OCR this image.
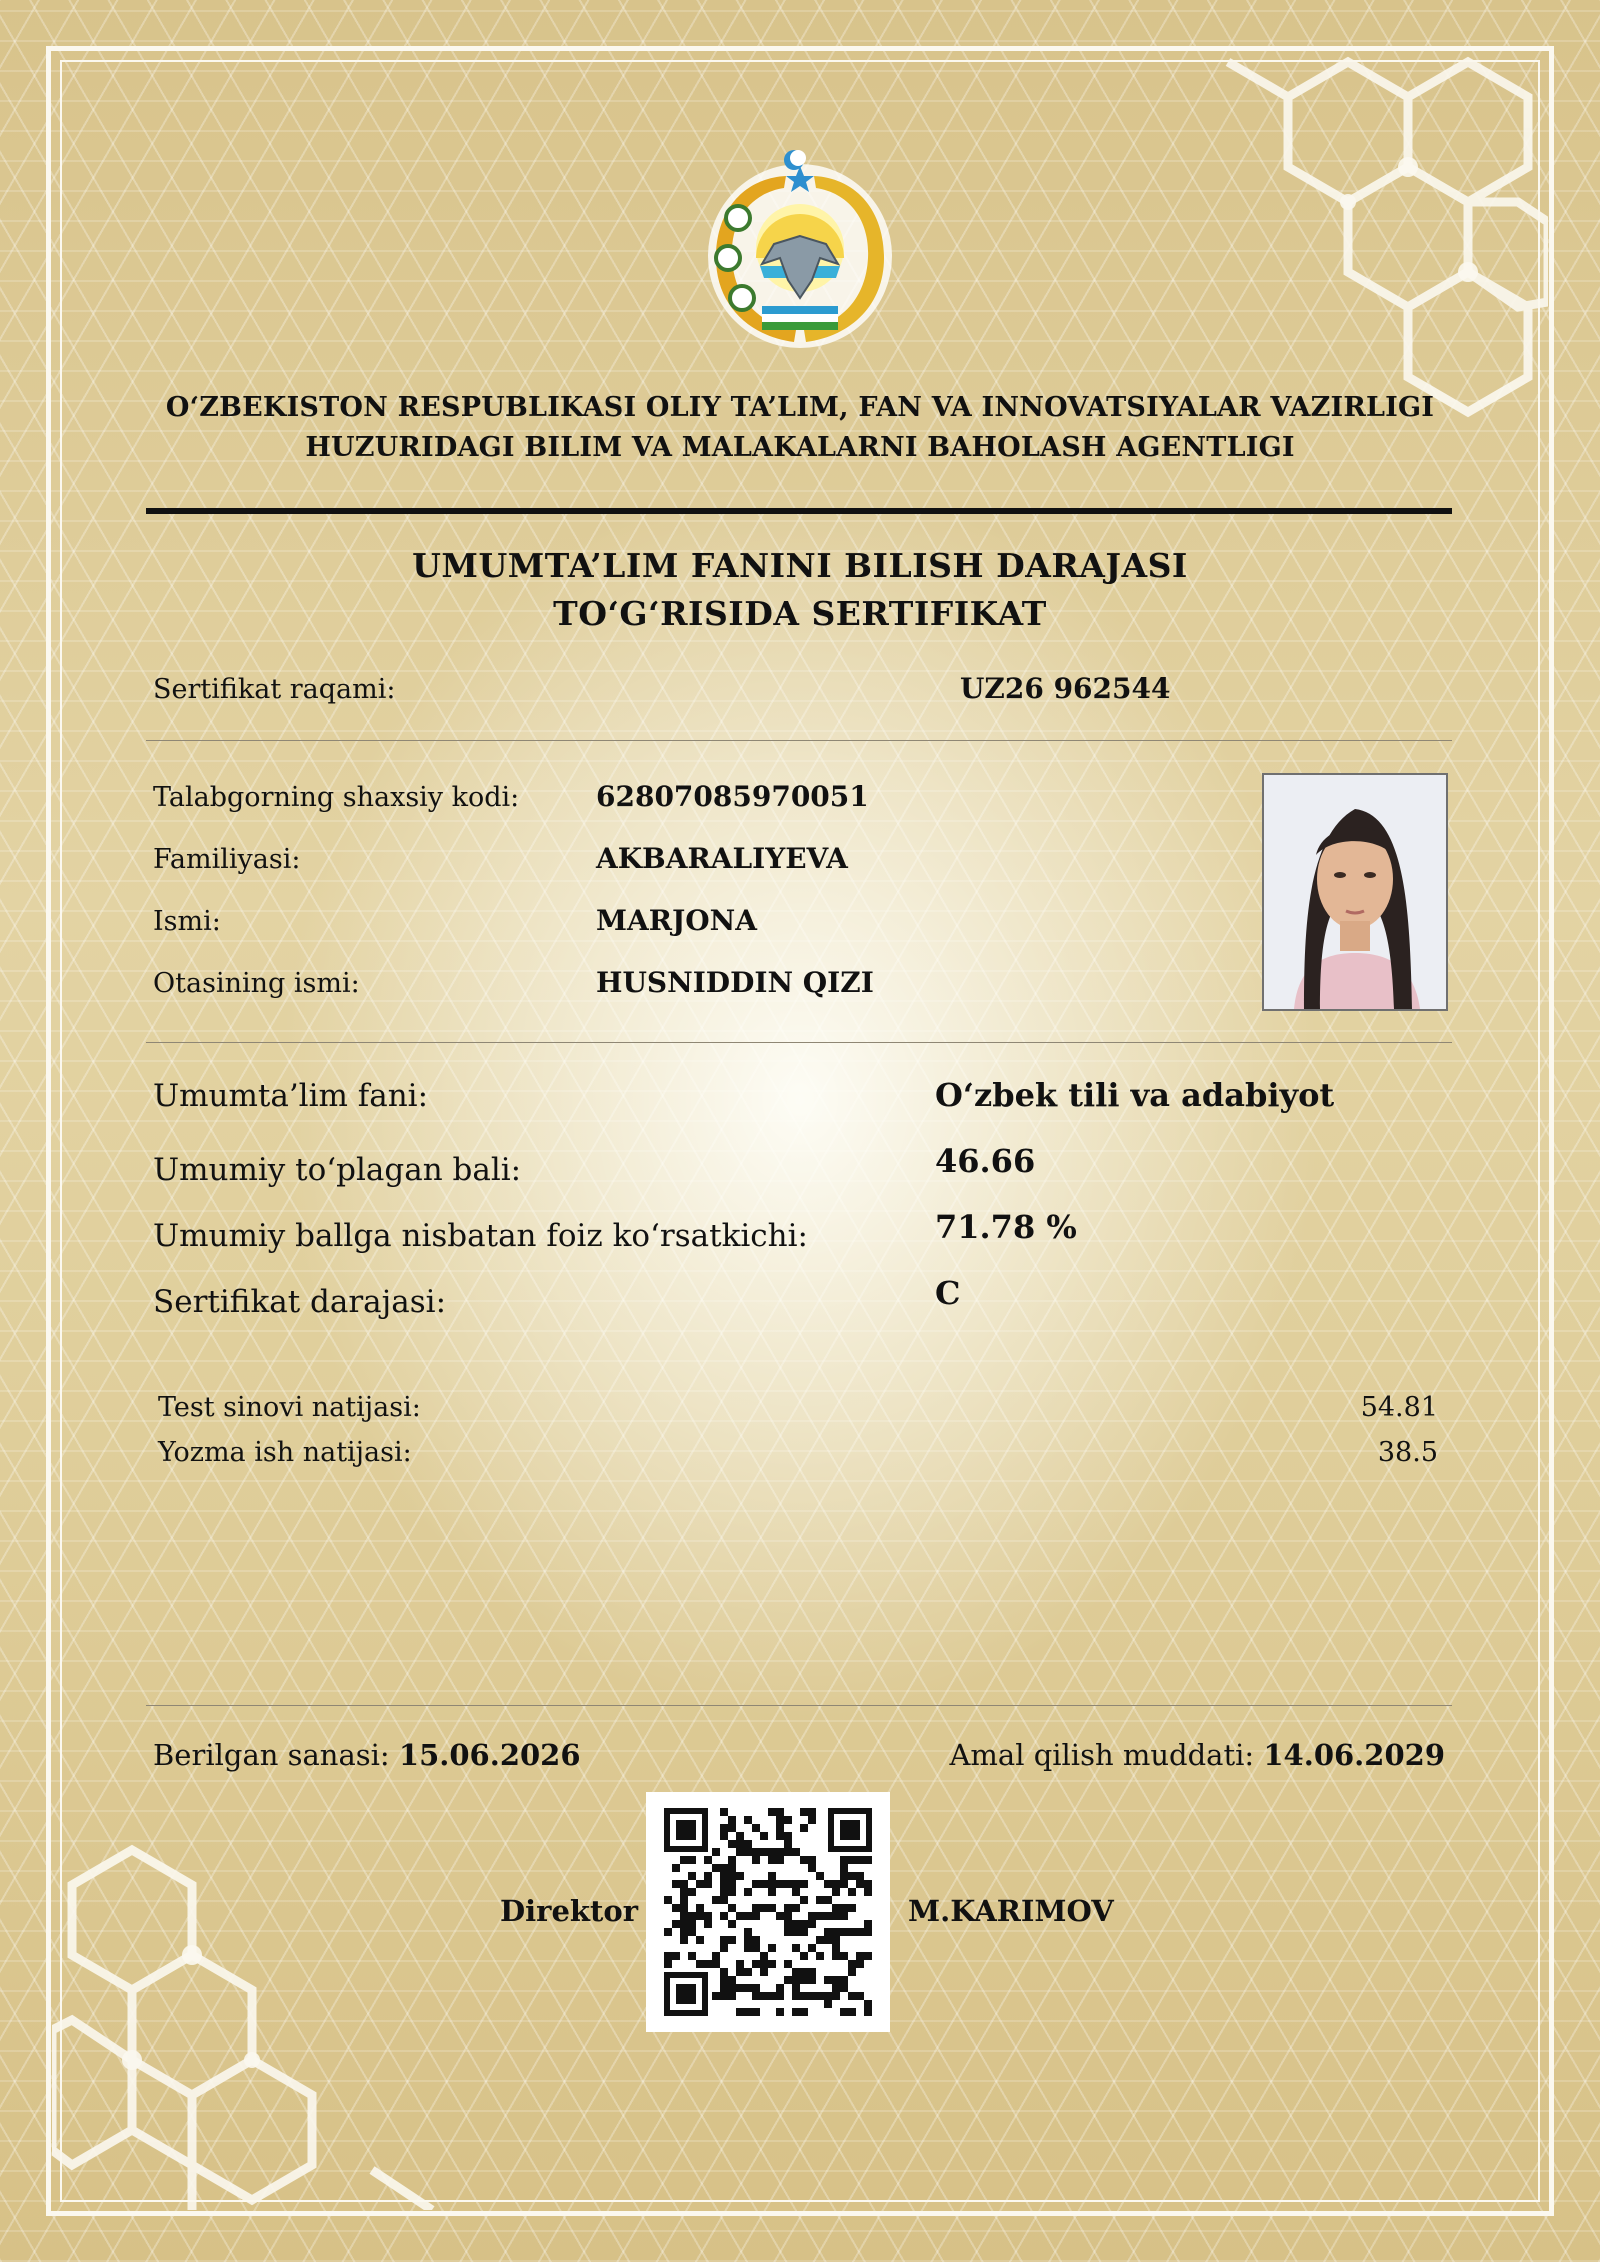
O‘ZBEKISTON RESPUBLIKASI OLIY TA’LIM, FAN VA INNOVATSIYALAR VAZIRLIGI
HUZURIDAGI BILIM VA MALAKALARNI BAHOLASH AGENTLIGI
UMUMTA’LIM FANINI BILISH DARAJASI
TO‘G‘RISIDA SERTIFIKAT
Sertifikat raqami:	UZ26 962544
Talabgorning shaxsiy kodi:	62807085970051
Familiyasi:	AKBARALIYEVA
Ismi:	MARJONA
Otasining ismi:	HUSNIDDIN QIZI
Umumta’lim fani:	O‘zbek tili va adabiyot
Umumiy to‘plagan bali:	46.66
Umumiy ballga nisbatan foiz ko‘rsatkichi:	71.78 %
Sertifikat darajasi:	C
Test sinovi natijasi:	54.81
Yozma ish natijasi:	38.5
Berilgan sanasi: 15.06.2026	Amal qilish muddati: 14.06.2029
Direktor	M.KARIMOV
